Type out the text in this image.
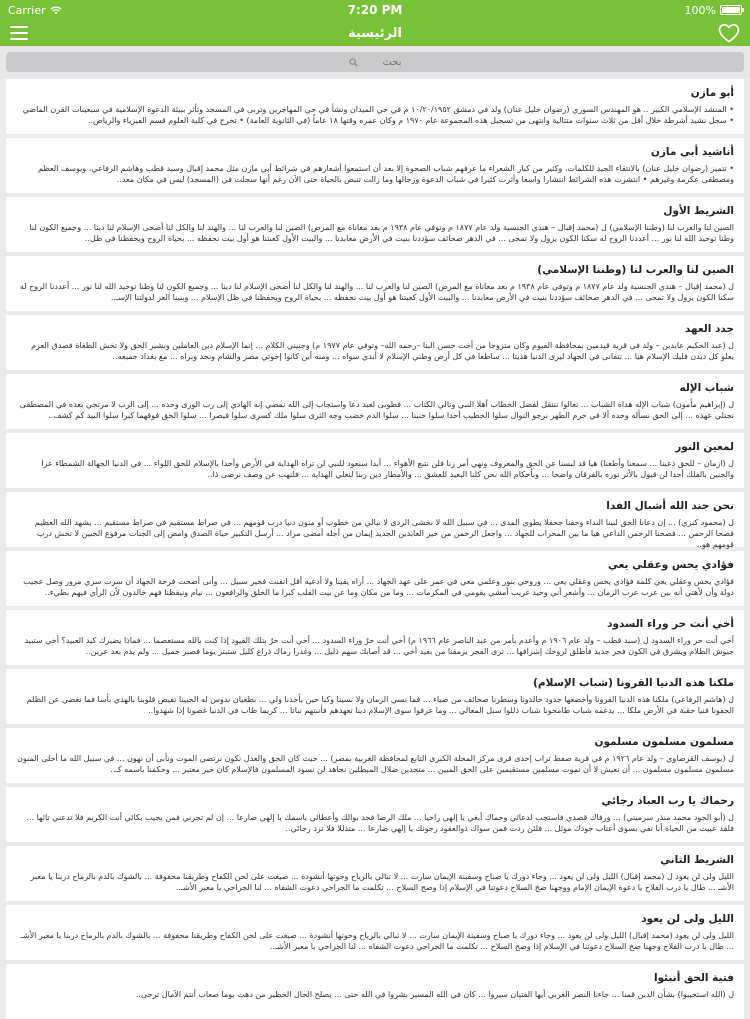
Carrier	7:20 PM	100%
الرئيسية
بحث
أبو مازن
• المنشد الإسلامي الكبير .. هو المهندس السوري (رضوان خليل عنان) ولد في دمشق ١٠/٢٠/١٩٥٢ م في حي الميدان ونشأ في حي المهاجرين وتربى في المسجد وتأثر ببيئة الدعوة الإسلامية في سبعينات القرن الماضي • سجل نشيد أشرطة خلال أقل من ثلاث سنوات متتالية وانتهى من تسجيل هذه المجموعة عام ١٩٧٠ م وكان عمره وقتها ١٨ عاماً (في الثانوية العامة) • تخرج في كلية العلوم قسم الفيزياء والرياض..
أناشيد أبي مازن
• تتميز (رضوان خليل عنان) بالانتقاء الجيد للكلمات، وكثير من كبار الشعراء ما عرفهم شباب الصحوة إلا بعد أن استمعوا أشعارهم في شرائط أبي مازن مثل محمد إقبال وسيد قطب وهاشم الرفاعي، ويوسف العظم ومصطفى عكرمة وغيرهم • انتشرت هذه الشرائط انتشارا واسعا وأثرت كثيرا في شباب الدعوة ورجالها وما زالت تنبض بالحياة حتى الآن رغم أنها سجلت في (المسجد) ليس في مكان معد..
الشريط الأول
الصين لنا والعرب لنا (وطننا الإسلامي) ل (محمد إقبال – هندي الجنسية ولد عام ١٨٧٧ م وتوفي عام ١٩٣٨ م بعد معاناة مع المرض) الصين لنا والعرب لنا ... والهند لنا والكل لنا أضحى الإسلام لنا دينا ... وجميع الكون لنا وطنا توحيد الله لنا نور ... أعددنا الروح له سكنا الكون يزول ولا تمحى ... في الدهر صحائف سؤددنا بنيت في الأرض معابدنا ... والبيت الأول كعبتنا هو أول بيت نحفظه ... بحياة الروح ويحفظنا في ظل..
الصين لنا والعرب لنا (وطننا الإسلامي)
ل (محمد إقبال – هندي الجنسية ولد عام ١٨٧٧ م وتوفي عام ١٩٣٨ م بعد معاناة مع المرض) الصين لنا والعرب لنا ... والهند لنا والكل لنا أضحى الإسلام لنا دينا ... وجميع الكون لنا وطنا توحيد الله لنا نور ... أعددنا الروح له سكنا الكون يزول ولا تمحى ... في الدهر صحائف سؤددنا بنيت في الأرض معابدنا ... والبيت الأول كعبتنا هو أول بيت نحفظه ... بحياة الروح ويحفظنا في ظل الإسلام ... وبنينا العز لدولتنا الإسـ..
جدد العهد
ل (عبد الحكيم عابدين – ولد في قرية قيدمين بمحافظة الفيوم وكان متزوجا من أخت حسن البنا –رحمه الله– وتوفي عام ١٩٧٧ م) وجنيني الكلام ... إنما الإسلام دين العاملين وبشير الحق ولا تخش الطغاة فصدق العزم يعلو كل ديدن فليك الإسلام هيا ... نتفانى في الجهاد ليرى الدنيا هدينا ... ساطعا في كل أرض وطني الإسلام لا أبدي سواه ... ومنه أين كانوا إخوتي مصر والشام ونجد وبراه ... مع بغداد جميعه..
شباب الإله
ل (إبراهيم مأمون) شباب الإله هداة الشباب ... تعالوا ننتقل لفضل الخطاب أهلا النبي وتالي الكتاب ... فطوبى لعبد دعا واستجاب إلى الله نمضي إنه الهادي إلى رب الورى وحده ... إلى الرب لا مرتجي بعده في المصطفى نجتلي عهده ... إلى الحق نسأله وحده ألا في حرم الطهر نرجو النوال سلوا الخطيب أحدا سلوا حنينا ... سلوا الدم خضب وجه الثرى سلوا ملك كسرى سلوا قيصرا ... سلوا الحق فوقهما كبرا سلوا البيد كم كشف..
لمعين النور
ل (ازمان – للحق ذعينا ... سمعنا وأطعنا) هيا قد لبسنا عن الحق والمعروف ونهي أمر زنا فلن نتبع الأهواء ... أبدا سنعود للنبي لن تراه الهداية في الأرض وأحدا بالإسلام للحق اللواء ... في الدنيا الجهالة الشمطاء عزا والجنين بالفلك أحدا لن قبول بالأثر نوره بالفرقان واضحا ... وبأحكام الله نحن كلنا البعيد للعشق ... والأمطار دين ربنا لنعلي الهداية ... فلنهب عن وصف نرضى ذا..
نحن جند الله أشبال الفدا
ل (محمود كنزي) ... إن دعانا الحق لبينا النداء وحفنا جحفلا يطوي المدى ... في سبيل الله لا نخشى الردى لا نبالي من خطوب أو منون دنيا درب قومهم ... في صراط مستقيم في صراط مستقيم ... يشهد الله العظيم فصحا الرحمن ... فصحنا الرحمن الداعي هيا ما بين المحراب للجهاد ... واجعل الرحمن من خير العابدين الجديد إيمان من أجله أمضى مراد ... أرسل التكبير حياة الصدق وامض إلى الجنات مرفوع الجبين لا تخش درب قومهم هو..
فؤادي يحس وعقلي يعي
فؤادي يحس وعقلي يعي كلمة فؤادي يحس وعقلي يعي ... وروحي بنور وعلمي معي في عمر على عهد الجهاد ... أراه يقينا ولا أدعيه أقل انفنت فخير سبيل ... وأنى أضحت فرحة الجهاد أن سرت سري مرور وصل عجيب دولة وأن لأهتي أنه بين عرب عرب الزمان ... وأشعر أني وحيد غريب أمشي بقومي في المكرمات ... وما من مكان وما عن بيت القلب كبرا ما الخلق والرافعون ... نيام ونيقظنا فهم خالدون لأن الرأي فيهم بطيء..
أخي أنت حر وراء السدود
أخي أنت حر وراء السدود ل (سيد قطب – ولد عام ١٩٠٦ م وأعدم بأمر من عبد الناصر عام ١٩٦٦ م) أخي أنت حرٌ وراء السدود ... أخي أنت حرٌ بتلك القيود إذا كنت بالله مستعصما ... فماذا يضيرك كيد العبيد؟ أخي ستبيد جيوش الظلام ويشرق في الكون فجر جديد فأطلق لروحك إشراقها ... ترى الفجر يرمقنا من بعيد أخي ... قد أصابك سهم ذليل ... وغدرا رماك ذراع كليل ستبتر يوما فصبر جميل ... ولم يدم بعد عرين..
ملكنا هذه الدنيا القرونا (شباب الإسلام)
ل (هاشم الرفاعي) ملكنا هذه الدنيا القرونا وأخضعها جدود خالدونا وسطرنا صحائف من ضياء ... فما نسي الزمان ولا نسينا وكنا حين يأخذنا ولي ... بطغيان ندوس له الجبينا تفيض قلوبنا بالهدي بأسا فما نغضي عن الظلم الجفونا فنيا حقبة في الأرض ملكا ... يدعمه شباب طامحونا شباب ذللوا سبل المعالي ... وما عرفوا سوى الإسلام دينا تعهدهم فأنبتهم نباتا ... كريما طاب في الدنيا غصونا إذا شهدوا..
مسلمون مسلمون مسلمون
ل (يوسف القرضاوي – ولد عام ١٩٢٦ م في قرية صفط تراب إحدى قرى مركز المحلة الكبرى التابع لمحافظة الغربية بمصر) ... حيث كان الحق والعدل نكون نرتضي الموت ونأبى أن نهون ... في سبيل الله ما أحلى المنون مسلمون مسلمون مسلمون ... أن نعيش لا أن نموت مسلمين مستقيمين على الحق المبين ... متحدين ضلال المبطلين نجاهد لن نسود المسلمون فالإسلام كان خير معتبر ... وحكمنا باسمه كـ..
رحماك يا رب العباد رجائي
ل (أبو الجود محمد منذر سرميني) ... ورفاك قصدي فاستجب لدعائي وحماك أبغي يا إلهي راحيا ... ملك الرضا فجد بوالك وأعطائي باسمك يا إلهي ضارعا ... إن لم تجزني فمن يجيب بكائي أنت الكريم فلا تدعني تائها ... فلقد عييت من الحياة أنا تفي بسوى أعتاب جودك موئل ... فلئن ردت فمن سواك ذوالعقود رجوتك يا إلهي ضارعا ... متذللا فلا ترد رجائي..
الشريط الثاني
الليل ولى لن يعود ل (محمد إقبال) الليل ولى لن يعود ... وجاء دورك يا صباح وسفينة الإيمان سارت ... لا تبالي بالرياح وحوتها أنشودة ... صيغت على لحن الكفاح وطريقنا محفوفة ... بالشوك بالدم بالرماح دربنا يا معبر الأشـ ... طال يا درب الفلاح يا دعوة الإيمان الإمام ووجهنا ضخ السلاح دعوتنا في الإسلام إذا وضح السلاح ... تكلمت ما الجراحي دعوت الشفاه ... لنا الجراحي يا معبر الأشـ..
الليل ولى لن يعود
الليل ولى لن يعود (محمد إقبال) الليل ولى لن يعود ... وجاء دورك يا صباح وسفينة الإيمان سارت ... لا تبالي بالرياح وحوتها أنشودة ... صيغت على لحن الكفاح وطريقنا محفوفة ... بالشوك بالدم بالرماح دربنا يا معبر الأشـ ... طال يا درب الفلاح وجهنا ضخ السلاح دعوتنا في الإسلام إذا وضح السلاح ... تكلمت ما الجراحي دعوت الشفاه ... لنا الجراحي يا معبر الأشـ..
فتية الحق أنبئوا
ل (الله استجيبوا) بشأن الدين قمنا ... جاءنا النصر الغربي أيها الفتيان سيروا ... كان في الله المسير بشروا في الله حتى ... يصلح الحال الخطير من دهت يوما صعاب أنتم الآمال ترجى..
